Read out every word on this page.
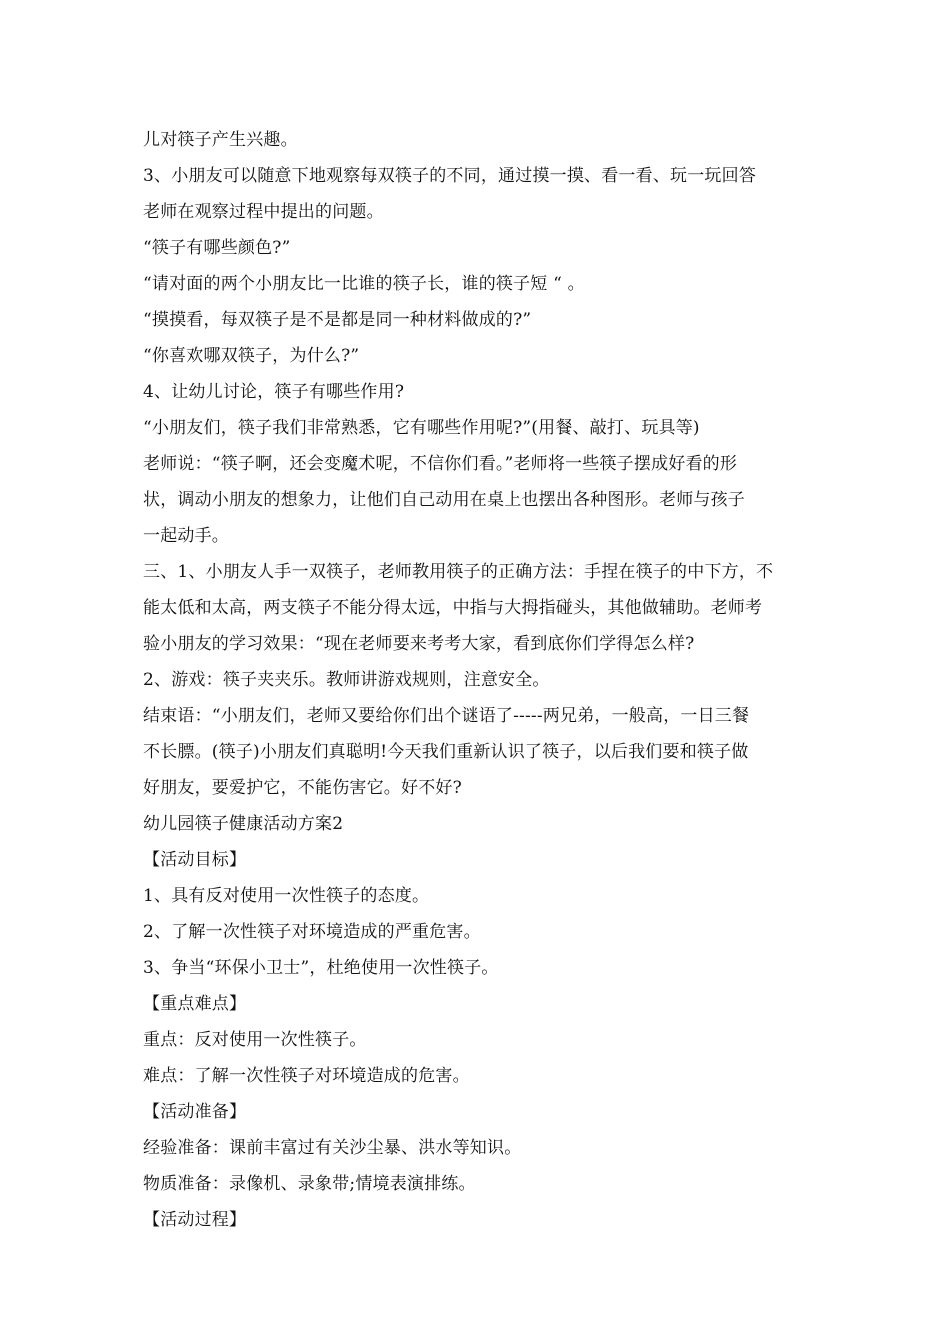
儿对筷子产生兴趣。
3、小朋友可以随意下地观察每双筷子的不同，通过摸一摸、看一看、玩一玩回答
老师在观察过程中提出的问题。
“筷子有哪些颜色?”
“请对面的两个小朋友比一比谁的筷子长，谁的筷子短 “ 。
“摸摸看，每双筷子是不是都是同一种材料做成的?”
“你喜欢哪双筷子，为什么?”
4、让幼儿讨论，筷子有哪些作用?
“小朋友们，筷子我们非常熟悉，它有哪些作用呢?”(用餐、敲打、玩具等)
老师说：“筷子啊，还会变魔术呢，不信你们看。”老师将一些筷子摆成好看的形
状，调动小朋友的想象力，让他们自己动用在桌上也摆出各种图形。老师与孩子
一起动手。
三、1、小朋友人手一双筷子，老师教用筷子的正确方法：手捏在筷子的中下方，不
能太低和太高，两支筷子不能分得太远，中指与大拇指碰头，其他做辅助。老师考
验小朋友的学习效果：“现在老师要来考考大家，看到底你们学得怎么样?
2、游戏：筷子夹夹乐。教师讲游戏规则，注意安全。
结束语：“小朋友们，老师又要给你们出个谜语了-----两兄弟，一般高，一日三餐
不长膘。(筷子)小朋友们真聪明!今天我们重新认识了筷子，以后我们要和筷子做
好朋友，要爱护它，不能伤害它。好不好?
幼儿园筷子健康活动方案2
【活动目标】
1、具有反对使用一次性筷子的态度。
2、了解一次性筷子对环境造成的严重危害。
3、争当“环保小卫士”，杜绝使用一次性筷子。
【重点难点】
重点：反对使用一次性筷子。
难点：了解一次性筷子对环境造成的危害。
【活动准备】
经验准备：课前丰富过有关沙尘暴、洪水等知识。
物质准备：录像机、录象带;情境表演排练。
【活动过程】
